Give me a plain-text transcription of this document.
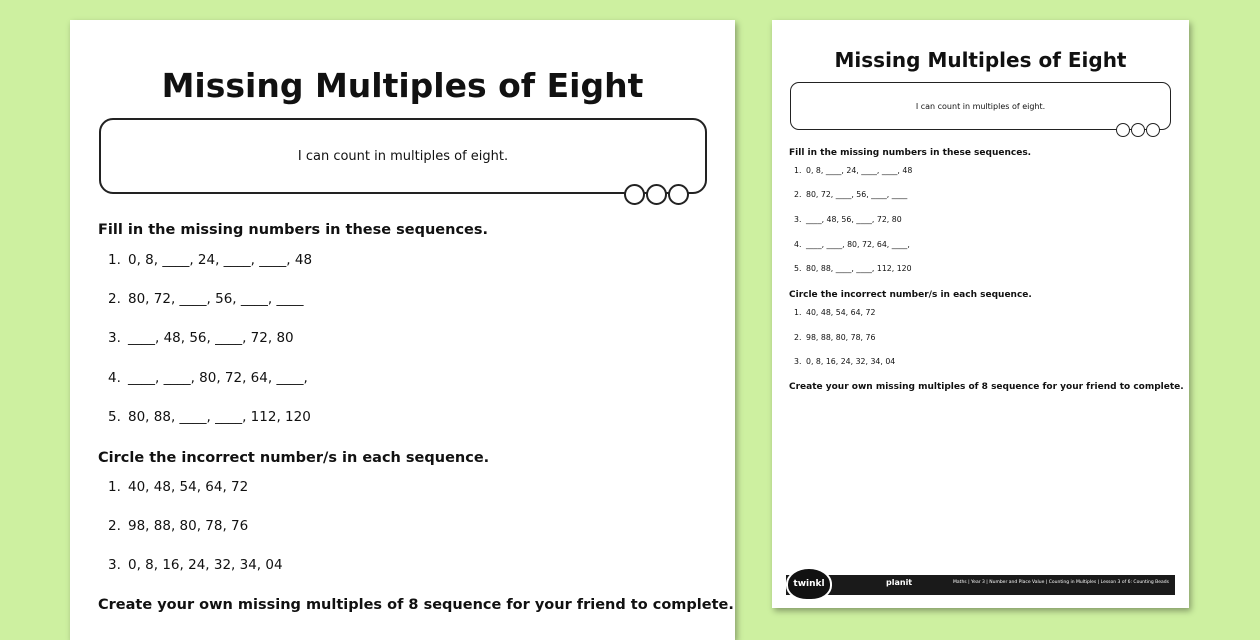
Missing Multiples of Eight
I can count in multiples of eight.
Fill in the missing numbers in these sequences.
1. 0, 8, ____, 24, ____, ____, 48
2. 80, 72, ____, 56, ____, ____
3. ____, 48, 56, ____, 72, 80
4. ____, ____, 80, 72, 64, ____,
5. 80, 88, ____, ____, 112, 120
Circle the incorrect number/s in each sequence.
1. 40, 48, 54, 64, 72
2. 98, 88, 80, 78, 76
3. 0, 8, 16, 24, 32, 34, 04
Create your own missing multiples of 8 sequence for your friend to complete.
Missing Multiples of Eight
I can count in multiples of eight.
Fill in the missing numbers in these sequences.
1. 0, 8, ____, 24, ____, ____, 48
2. 80, 72, ____, 56, ____, ____
3. ____, 48, 56, ____, 72, 80
4. ____, ____, 80, 72, 64, ____,
5. 80, 88, ____, ____, 112, 120
Circle the incorrect number/s in each sequence.
1. 40, 48, 54, 64, 72
2. 98, 88, 80, 78, 76
3. 0, 8, 16, 24, 32, 34, 04
Create your own missing multiples of 8 sequence for your friend to complete.
planit	Maths | Year 3 | Number and Place Value | Counting in Multiples | Lesson 3 of 6: Counting Beads
twinkl
